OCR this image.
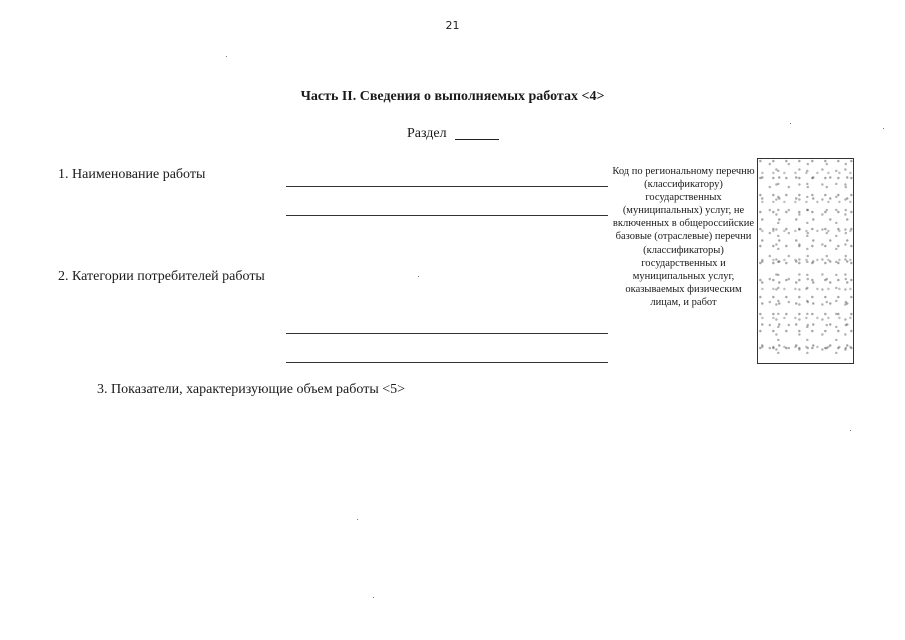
21
Часть II. Сведения о выполняемых работах <4>
Раздел
1. Наименование работы
2. Категории потребителей работы
Код по региональному перечню (классификатору) государственных (муниципальных) услуг, не включенных в общероссийские базовые (отраслевые) перечни (классификаторы) государственных и муниципальных услуг, оказываемых физическим лицам, и работ
3. Показатели, характеризующие объем работы <5>
